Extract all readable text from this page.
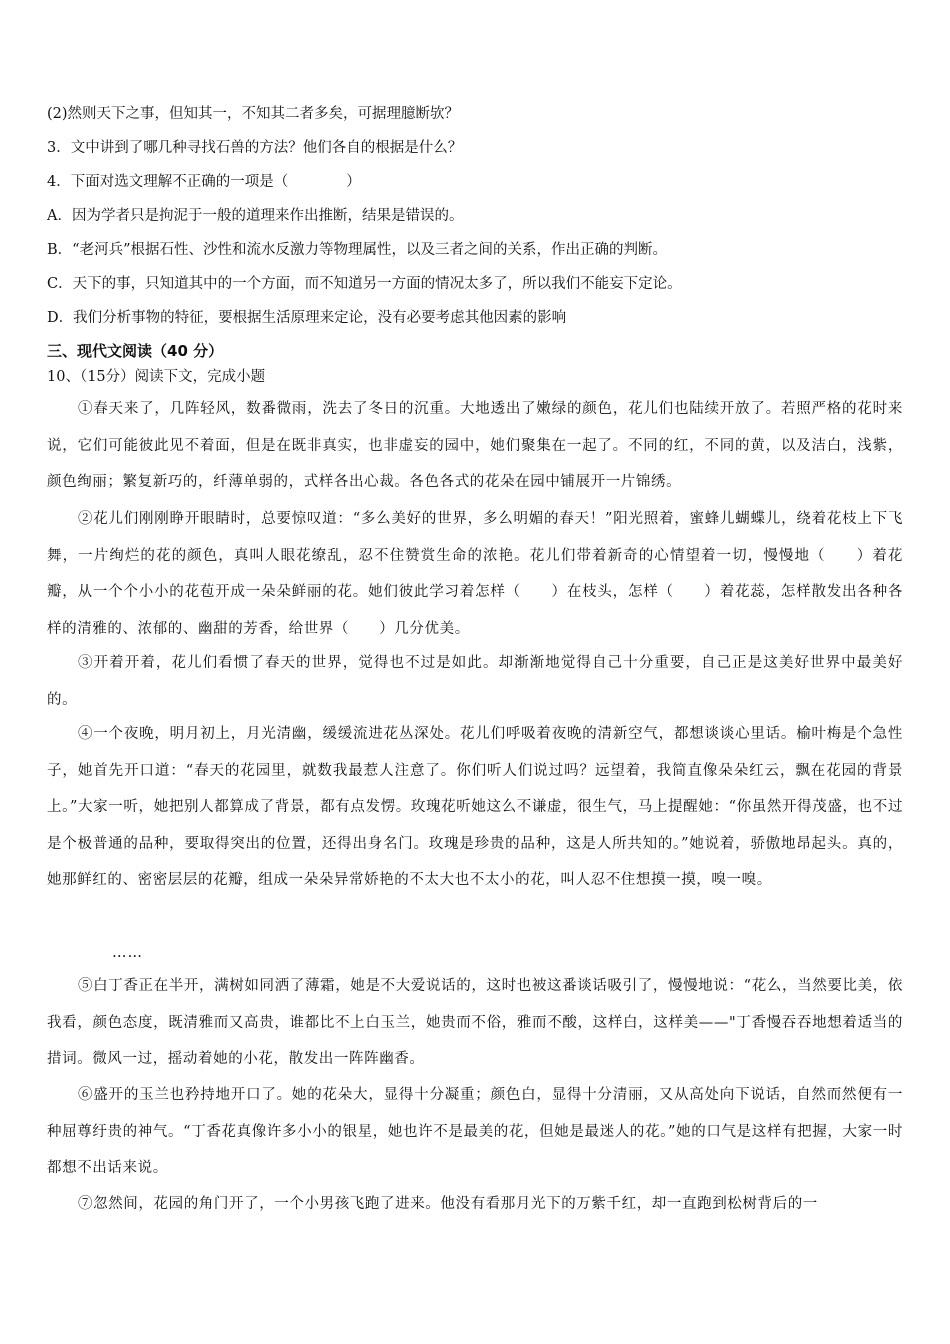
(2)然则天下之事，但知其一，不知其二者多矣，可据理臆断欤？
3．文中讲到了哪几种寻找石兽的方法？他们各自的根据是什么？
4．下面对选文理解不正确的一项是（　　　　）
A．因为学者只是拘泥于一般的道理来作出推断，结果是错误的。
B．“老河兵”根据石性、沙性和流水反激力等物理属性，以及三者之间的关系，作出正确的判断。
C．天下的事，只知道其中的一个方面，而不知道另一方面的情况太多了，所以我们不能妄下定论。
D．我们分析事物的特征，要根据生活原理来定论，没有必要考虑其他因素的影响
三、现代文阅读（40 分）
10、（15分）阅读下文，完成小题
①春天来了，几阵轻风，数番微雨，洗去了冬日的沉重。大地透出了嫩绿的颜色，花儿们也陆续开放了。若照严格的花时来说，它们可能彼此见不着面，但是在既非真实，也非虚妄的园中，她们聚集在一起了。不同的红，不同的黄，以及洁白，浅紫，颜色绚丽；繁复新巧的，纤薄单弱的，式样各出心裁。各色各式的花朵在园中铺展开一片锦绣。
②花儿们刚刚睁开眼睛时，总要惊叹道：“多么美好的世界，多么明媚的春天！”阳光照着，蜜蜂儿蝴蝶儿，绕着花枝上下飞舞，一片绚烂的花的颜色，真叫人眼花缭乱，忍不住赞赏生命的浓艳。花儿们带着新奇的心情望着一切，慢慢地（　　）着花瓣，从一个个小小的花苞开成一朵朵鲜丽的花。她们彼此学习着怎样（　　）在枝头，怎样（　　）着花蕊，怎样散发出各种各样的清雅的、浓郁的、幽甜的芳香，给世界（　　）几分优美。
③开着开着，花儿们看惯了春天的世界，觉得也不过是如此。却渐渐地觉得自己十分重要，自己正是这美好世界中最美好的。
④一个夜晚，明月初上，月光清幽，缓缓流进花丛深处。花儿们呼吸着夜晚的清新空气，都想谈谈心里话。榆叶梅是个急性子，她首先开口道：“春天的花园里，就数我最惹人注意了。你们听人们说过吗？远望着，我简直像朵朵红云，飘在花园的背景上。”大家一听，她把别人都算成了背景，都有点发愣。玫瑰花听她这么不谦虚，很生气，马上提醒她：“你虽然开得茂盛，也不过是个极普通的品种，要取得突出的位置，还得出身名门。玫瑰是珍贵的品种，这是人所共知的。”她说着，骄傲地昂起头。真的，她那鲜红的、密密层层的花瓣，组成一朵朵异常娇艳的不太大也不太小的花，叫人忍不住想摸一摸，嗅一嗅。
……
⑤白丁香正在半开，满树如同洒了薄霜，她是不大爱说话的，这时也被这番谈话吸引了，慢慢地说：“花么，当然要比美，依我看，颜色态度，既清雅而又高贵，谁都比不上白玉兰，她贵而不俗，雅而不酸，这样白，这样美——"丁香慢吞吞地想着适当的措词。微风一过，摇动着她的小花，散发出一阵阵幽香。
⑥盛开的玉兰也矜持地开口了。她的花朵大，显得十分凝重；颜色白，显得十分清丽，又从高处向下说话，自然而然便有一种屈尊纡贵的神气。“丁香花真像许多小小的银星，她也许不是最美的花，但她是最迷人的花。”她的口气是这样有把握，大家一时都想不出话来说。
⑦忽然间，花园的角门开了，一个小男孩飞跑了进来。他没有看那月光下的万紫千红，却一直跑到松树背后的一
